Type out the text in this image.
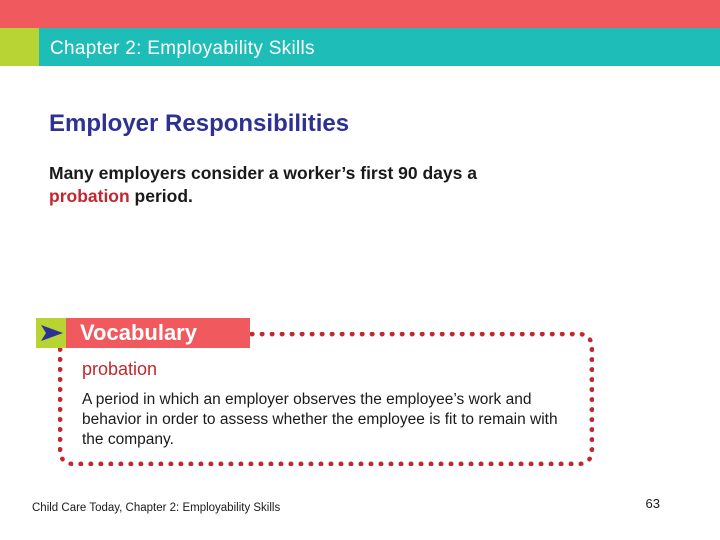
Chapter 2: Employability Skills
Employer Responsibilities
Many employers consider a worker’s first 90 days a probation period.
Vocabulary
probation
A period in which an employer observes the employee’s work and behavior in order to assess whether the employee is fit to remain with the company.
Child Care Today, Chapter 2: Employability Skills	63
